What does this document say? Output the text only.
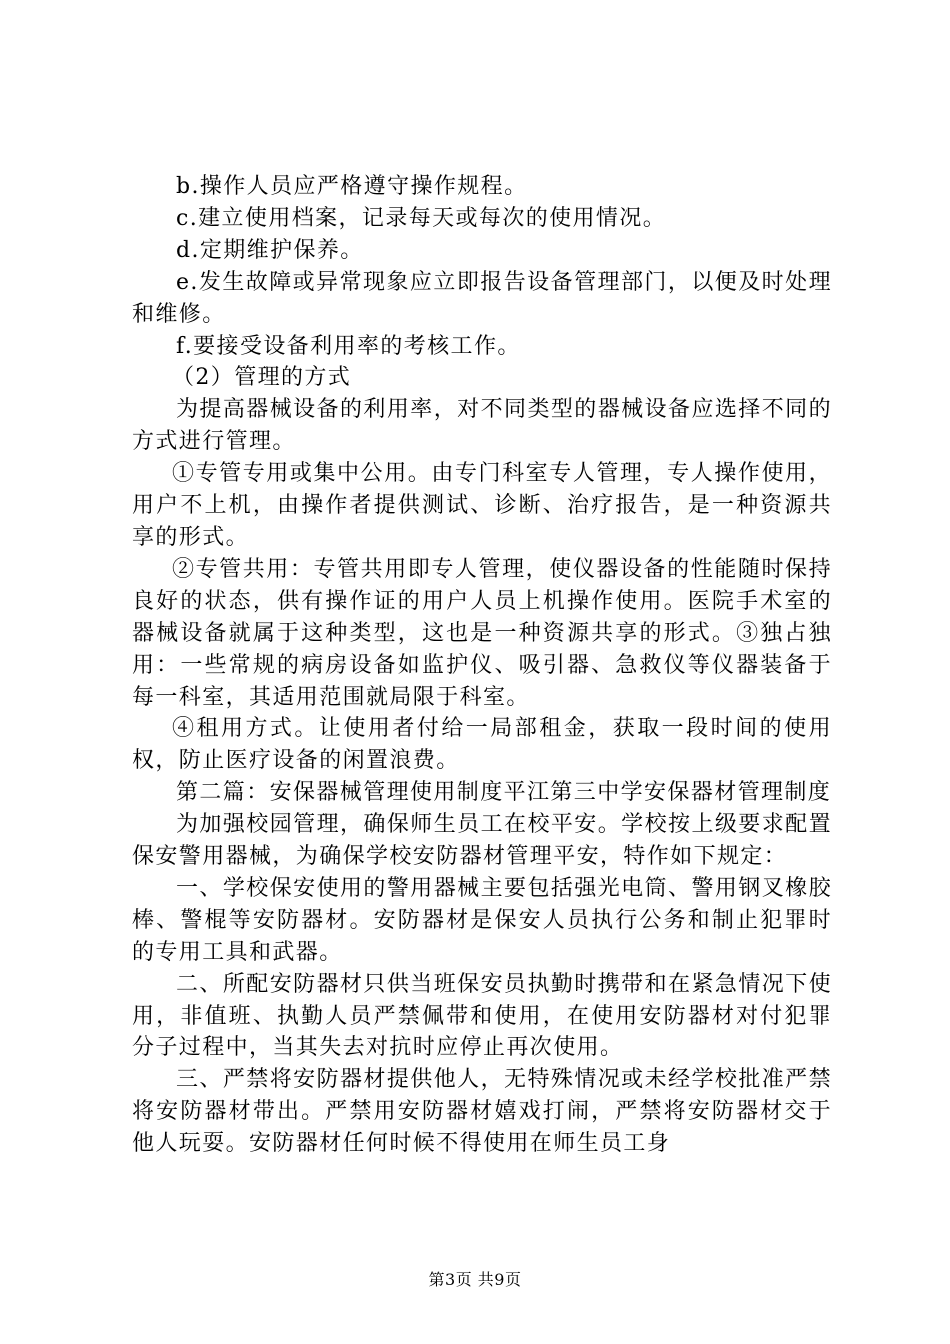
b.操作人员应严格遵守操作规程。

c.建立使用档案，记录每天或每次的使用情况。

d.定期维护保养。

e.发生故障或异常现象应立即报告设备管理部门，以便及时处理和维修。

f.要接受设备利用率的考核工作。

（2）管理的方式

为提高器械设备的利用率，对不同类型的器械设备应选择不同的方式进行管理。

①专管专用或集中公用。由专门科室专人管理，专人操作使用，用户不上机，由操作者提供测试、诊断、治疗报告，是一种资源共享的形式。

②专管共用：专管共用即专人管理，使仪器设备的性能随时保持良好的状态，供有操作证的用户人员上机操作使用。医院手术室的器械设备就属于这种类型，这也是一种资源共享的形式。③独占独用：一些常规的病房设备如监护仪、吸引器、急救仪等仪器装备于每一科室，其适用范围就局限于科室。

④租用方式。让使用者付给一局部租金，获取一段时间的使用权，防止医疗设备的闲置浪费。

第二篇：安保器械管理使用制度平江第三中学安保器材管理制度

为加强校园管理，确保师生员工在校平安。学校按上级要求配置保安警用器械，为确保学校安防器材管理平安，特作如下规定：

一、学校保安使用的警用器械主要包括强光电筒、警用钢叉橡胶棒、警棍等安防器材。安防器材是保安人员执行公务和制止犯罪时的专用工具和武器。

二、所配安防器材只供当班保安员执勤时携带和在紧急情况下使用，非值班、执勤人员严禁佩带和使用，在使用安防器材对付犯罪分子过程中，当其失去对抗时应停止再次使用。

三、严禁将安防器材提供他人，无特殊情况或未经学校批准严禁将安防器材带出。严禁用安防器材嬉戏打闹，严禁将安防器材交于他人玩耍。安防器材任何时候不得使用在师生员工身

第3页 共9页
